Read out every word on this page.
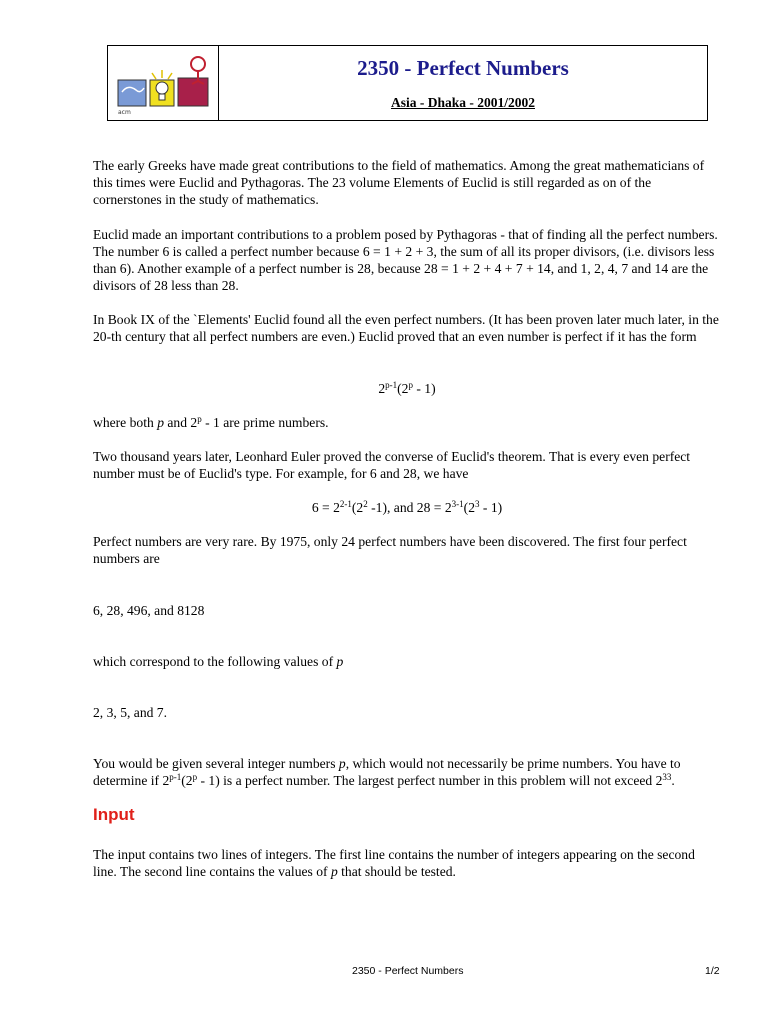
acm
2350 - Perfect Numbers
Asia - Dhaka - 2001/2002

The early Greeks have made great contributions to the field of mathematics. Among the great mathematicians of this times were Euclid and Pythagoras. The 23 volume Elements of Euclid is still regarded as on of the cornerstones in the study of mathematics.

Euclid made an important contributions to a problem posed by Pythagoras - that of finding all the perfect numbers. The number 6 is called a perfect number because 6 = 1 + 2 + 3, the sum of all its proper divisors, (i.e. divisors less than 6). Another example of a perfect number is 28, because 28 = 1 + 2 + 4 + 7 + 14, and 1, 2, 4, 7 and 14 are the divisors of 28 less than 28.

In Book IX of the `Elements' Euclid found all the even perfect numbers. (It has been proven later much later, in the 20-th century that all perfect numbers are even.) Euclid proved that an even number is perfect if it has the form

2$^{p-1}$(2$^p$ - 1)

where both p and 2$^p$ - 1 are prime numbers.

Two thousand years later, Leonhard Euler proved the converse of Euclid's theorem. That is every even perfect number must be of Euclid's type. For example, for 6 and 28, we have

$6 = 2^{2-1}(2^2$ -1), and $28 = 2^{3-1}(2^3 - 1)$

Perfect numbers are very rare. By 1975, only 24 perfect numbers have been discovered. The first four perfect numbers are

6, 28, 496, and 8128

which correspond to the following values of p

2, 3, 5, and 7.

You would be given several integer numbers p, which would not necessarily be prime numbers. You have to determine if 2$^{p-1}$(2$^p$ - 1) is a perfect number. The largest perfect number in this problem will not exceed $2^{33}$.

Input

The input contains two lines of integers. The first line contains the number of integers appearing on the second line. The second line contains the values of p that should be tested.

2350 - Perfect Numbers	1/2
